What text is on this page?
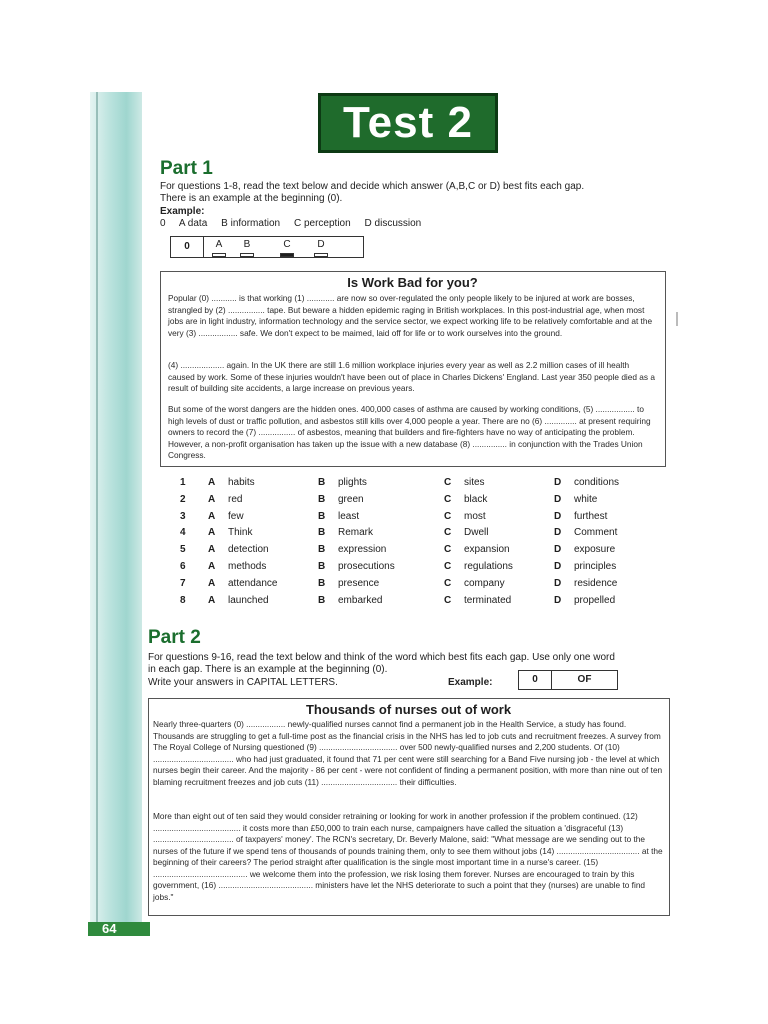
64
Test 2
Part 1
For questions 1-8, read the text below and decide which answer (A,B,C or D) best fits each gap.
There is an example at the beginning (0).
Example:
0     A data     B information     C perception     D discussion
0	A	B	C	D
Is Work Bad for you?
Popular (0) ........... is that working (1) ............ are now so over-regulated the only people likely to be injured at work are bosses, strangled by (2) ................ tape. But beware a hidden epidemic raging in British workplaces. In this post-industrial age, when most jobs are in light industry, information technology and the service sector, we expect working life to be relatively comfortable and at the very (3) ................. safe. We don't expect to be maimed, laid off for life or to work ourselves into the ground.
(4) ................... again. In the UK there are still 1.6 million workplace injuries every year as well as 2.2 million cases of ill health caused by work. Some of these injuries wouldn't have been out of place in Charles Dickens' England. Last year 350 people died as a result of building site accidents, a large increase on previous years.
But some of the worst dangers are the hidden ones. 400,000 cases of asthma are caused by working conditions, (5) ................. to high levels of dust or traffic pollution, and asbestos still kills over 4,000 people a year. There are no (6) .............. at present requiring owners to record the (7) ................ of asbestos, meaning that builders and fire-fighters have no way of anticipating the problem. However, a non-profit organisation has taken up the issue with a new database (8) ............... in conjunction with the Trades Union Congress.
1 A habits	B plights	C sites	D conditions
2 A red	B green	C black	D white
3 A few	B least	C most	D furthest
4 A Think	B Remark	C Dwell	D Comment
5 A detection	B expression	C expansion	D exposure
6 A methods	B prosecutions	C regulations	D principles
7 A attendance	B presence	C company	D residence
8 A launched	B embarked	C terminated	D propelled
Part 2
For questions 9-16, read the text below and think of the word which best fits each gap. Use only one word
in each gap. There is an example at the beginning (0).
Write your answers in CAPITAL LETTERS.	Example:	0	OF
Thousands of nurses out of work
Nearly three-quarters (0) ................. newly-qualified nurses cannot find a permanent job in the Health Service, a study has found. Thousands are struggling to get a full-time post as the financial crisis in the NHS has led to job cuts and recruitment freezes. A survey from The Royal College of Nursing questioned (9) .................................. over 500 newly-qualified nurses and 2,200 students. Of (10) ................................... who had just graduated, it found that 71 per cent were still searching for a Band Five nursing job - the level at which nurses begin their career. And the majority - 86 per cent - were not confident of finding a permanent position, with more than nine out of ten blaming recruitment freezes and job cuts (11) ................................. their difficulties.
More than eight out of ten said they would consider retraining or looking for work in another profession if the problem continued. (12) ...................................... it costs more than £50,000 to train each nurse, campaigners have called the situation a 'disgraceful (13) ................................... of taxpayers' money'. The RCN's secretary, Dr. Beverly Malone, said: "What message are we sending out to the nurses of the future if we spend tens of thousands of pounds training them, only to see them without jobs (14) .................................... at the beginning of their careers? The period straight after qualification is the single most important time in a nurse's career. (15) ......................................... we welcome them into the profession, we risk losing them forever. Nurses are encouraged to train by this government, (16) ......................................... ministers have let the NHS deteriorate to such a point that they (nurses) are unable to find jobs."
